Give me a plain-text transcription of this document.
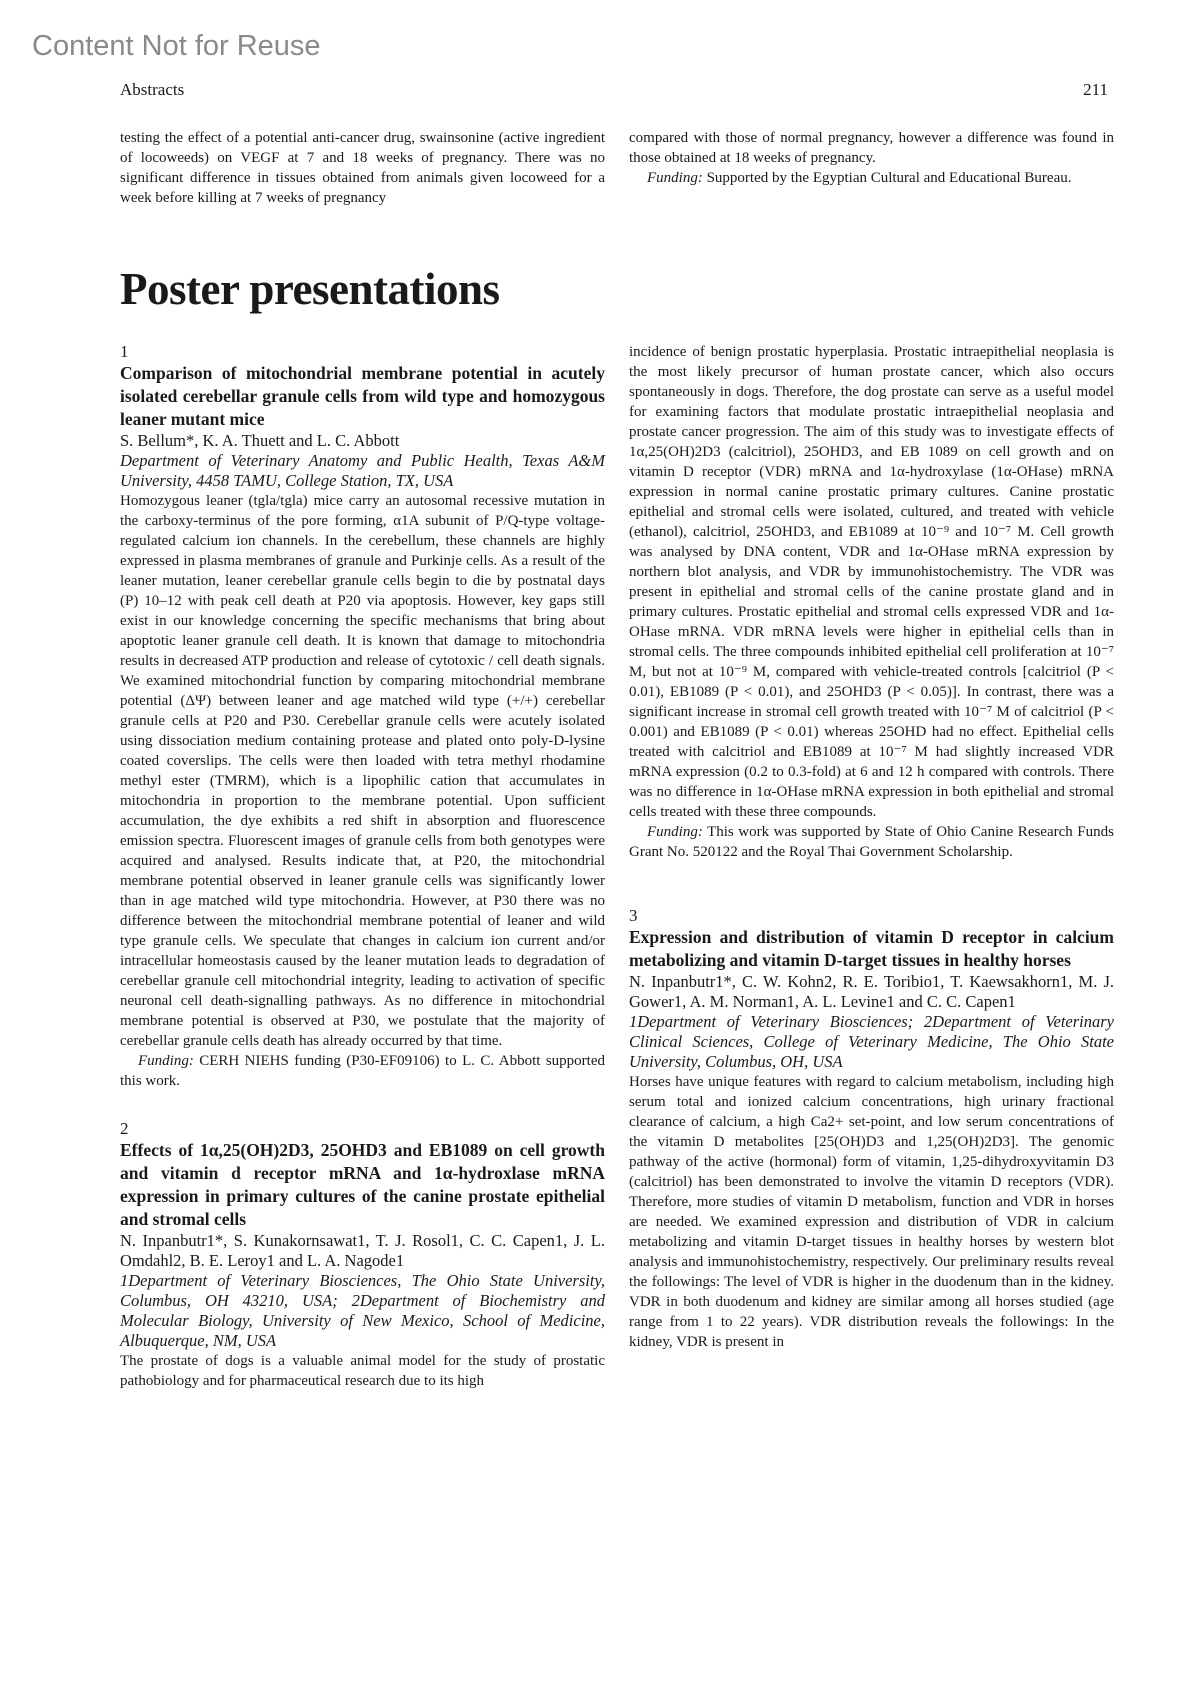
Content Not for Reuse
Abstracts	211

testing the effect of a potential anti-cancer drug, swainsonine (active ingredient of locoweeds) on VEGF at 7 and 18 weeks of pregnancy. There was no significant difference in tissues obtained from animals given locoweed for a week before killing at 7 weeks of pregnancy

compared with those of normal pregnancy, however a difference was found in those obtained at 18 weeks of pregnancy.

Funding: Supported by the Egyptian Cultural and Educational Bureau.

Poster presentations

1

Comparison of mitochondrial membrane potential in acutely isolated cerebellar granule cells from wild type and homozygous leaner mutant mice

S. Bellum*, K. A. Thuett and L. C. Abbott

Department of Veterinary Anatomy and Public Health, Texas A&M University, 4458 TAMU, College Station, TX, USA

Homozygous leaner (tgla/tgla) mice carry an autosomal recessive mutation in the carboxy-terminus of the pore forming, α1A subunit of P/Q-type voltage-regulated calcium ion channels. In the cerebellum, these channels are highly expressed in plasma membranes of granule and Purkinje cells. As a result of the leaner mutation, leaner cerebellar granule cells begin to die by postnatal days (P) 10–12 with peak cell death at P20 via apoptosis. However, key gaps still exist in our knowledge concerning the specific mechanisms that bring about apoptotic leaner granule cell death. It is known that damage to mitochondria results in decreased ATP production and release of cytotoxic / cell death signals. We examined mitochondrial function by comparing mitochondrial membrane potential (ΔΨ) between leaner and age matched wild type (+/+) cerebellar granule cells at P20 and P30. Cerebellar granule cells were acutely isolated using dissociation medium containing protease and plated onto poly-D-lysine coated coverslips. The cells were then loaded with tetra methyl rhodamine methyl ester (TMRM), which is a lipophilic cation that accumulates in mitochondria in proportion to the membrane potential. Upon sufficient accumulation, the dye exhibits a red shift in absorption and fluorescence emission spectra. Fluorescent images of granule cells from both genotypes were acquired and analysed. Results indicate that, at P20, the mitochondrial membrane potential observed in leaner granule cells was significantly lower than in age matched wild type mitochondria. However, at P30 there was no difference between the mitochondrial membrane potential of leaner and wild type granule cells. We speculate that changes in calcium ion current and/or intracellular homeostasis caused by the leaner mutation leads to degradation of cerebellar granule cell mitochondrial integrity, leading to activation of specific neuronal cell death-signalling pathways. As no difference in mitochondrial membrane potential is observed at P30, we postulate that the majority of cerebellar granule cells death has already occurred by that time.

Funding: CERH NIEHS funding (P30-EF09106) to L. C. Abbott supported this work.

2

Effects of 1α,25(OH)2D3, 25OHD3 and EB1089 on cell growth and vitamin d receptor mRNA and 1α-hydroxlase mRNA expression in primary cultures of the canine prostate epithelial and stromal cells

N. Inpanbutr1*, S. Kunakornsawat1, T. J. Rosol1, C. C. Capen1, J. L. Omdahl2, B. E. Leroy1 and L. A. Nagode1

1Department of Veterinary Biosciences, The Ohio State University, Columbus, OH 43210, USA; 2Department of Biochemistry and Molecular Biology, University of New Mexico, School of Medicine, Albuquerque, NM, USA

The prostate of dogs is a valuable animal model for the study of prostatic pathobiology and for pharmaceutical research due to its high

incidence of benign prostatic hyperplasia. Prostatic intraepithelial neoplasia is the most likely precursor of human prostate cancer, which also occurs spontaneously in dogs. Therefore, the dog prostate can serve as a useful model for examining factors that modulate prostatic intraepithelial neoplasia and prostate cancer progression. The aim of this study was to investigate effects of 1α,25(OH)2D3 (calcitriol), 25OHD3, and EB 1089 on cell growth and on vitamin D receptor (VDR) mRNA and 1α-hydroxylase (1α-OHase) mRNA expression in normal canine prostatic primary cultures. Canine prostatic epithelial and stromal cells were isolated, cultured, and treated with vehicle (ethanol), calcitriol, 25OHD3, and EB1089 at 10⁻⁹ and 10⁻⁷ M. Cell growth was analysed by DNA content, VDR and 1α-OHase mRNA expression by northern blot analysis, and VDR by immunohistochemistry. The VDR was present in epithelial and stromal cells of the canine prostate gland and in primary cultures. Prostatic epithelial and stromal cells expressed VDR and 1α-OHase mRNA. VDR mRNA levels were higher in epithelial cells than in stromal cells. The three compounds inhibited epithelial cell proliferation at 10⁻⁷ M, but not at 10⁻⁹ M, compared with vehicle-treated controls [calcitriol (P < 0.01), EB1089 (P < 0.01), and 25OHD3 (P < 0.05)]. In contrast, there was a significant increase in stromal cell growth treated with 10⁻⁷ M of calcitriol (P < 0.001) and EB1089 (P < 0.01) whereas 25OHD had no effect. Epithelial cells treated with calcitriol and EB1089 at 10⁻⁷ M had slightly increased VDR mRNA expression (0.2 to 0.3-fold) at 6 and 12 h compared with controls. There was no difference in 1α-OHase mRNA expression in both epithelial and stromal cells treated with these three compounds.

Funding: This work was supported by State of Ohio Canine Research Funds Grant No. 520122 and the Royal Thai Government Scholarship.

3

Expression and distribution of vitamin D receptor in calcium metabolizing and vitamin D-target tissues in healthy horses

N. Inpanbutr1*, C. W. Kohn2, R. E. Toribio1, T. Kaewsakhorn1, M. J. Gower1, A. M. Norman1, A. L. Levine1 and C. C. Capen1

1Department of Veterinary Biosciences; 2Department of Veterinary Clinical Sciences, College of Veterinary Medicine, The Ohio State University, Columbus, OH, USA

Horses have unique features with regard to calcium metabolism, including high serum total and ionized calcium concentrations, high urinary fractional clearance of calcium, a high Ca2+ set-point, and low serum concentrations of the vitamin D metabolites [25(OH)D3 and 1,25(OH)2D3]. The genomic pathway of the active (hormonal) form of vitamin, 1,25-dihydroxyvitamin D3 (calcitriol) has been demonstrated to involve the vitamin D receptors (VDR). Therefore, more studies of vitamin D metabolism, function and VDR in horses are needed. We examined expression and distribution of VDR in calcium metabolizing and vitamin D-target tissues in healthy horses by western blot analysis and immunohistochemistry, respectively. Our preliminary results reveal the followings: The level of VDR is higher in the duodenum than in the kidney. VDR in both duodenum and kidney are similar among all horses studied (age range from 1 to 22 years). VDR distribution reveals the followings: In the kidney, VDR is present in
